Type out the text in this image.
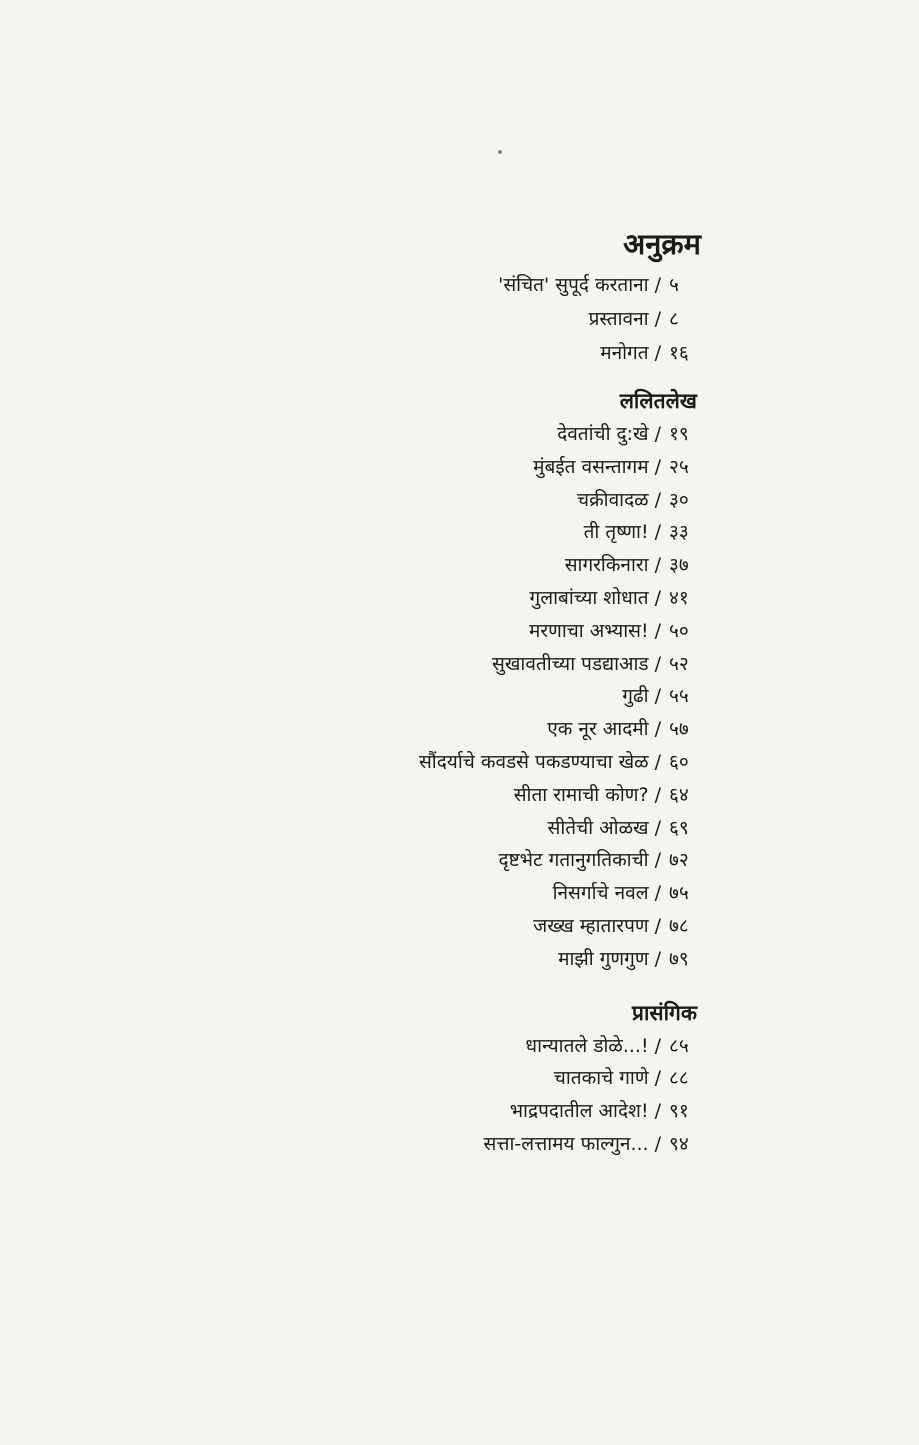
अनुक्रम
'संचित' सुपूर्द करताना / ५
प्रस्तावना / ८
मनोगत / १६
ललितलेख
देवतांची दु:खे / १९
मुंबईत वसन्तागम / २५
चक्रीवादळ / ३०
ती तृष्णा! / ३३
सागरकिनारा / ३७
गुलाबांच्या शोधात / ४१
मरणाचा अभ्यास! / ५०
सुखावतीच्या पडद्याआड / ५२
गुढी / ५५
एक नूर आदमी / ५७
सौंदर्याचे कवडसे पकडण्याचा खेळ / ६०
सीता रामाची कोण? / ६४
सीतेची ओळख / ६९
दृष्टभेट गतानुगतिकाची / ७२
निसर्गाचे नवल / ७५
जख्ख म्हातारपण / ७८
माझी गुणगुण / ७९
प्रासंगिक
धान्यातले डोळे...! / ८५
चातकाचे गाणे / ८८
भाद्रपदातील आदेश! / ९१
सत्ता-लत्तामय फाल्गुन... / ९४
